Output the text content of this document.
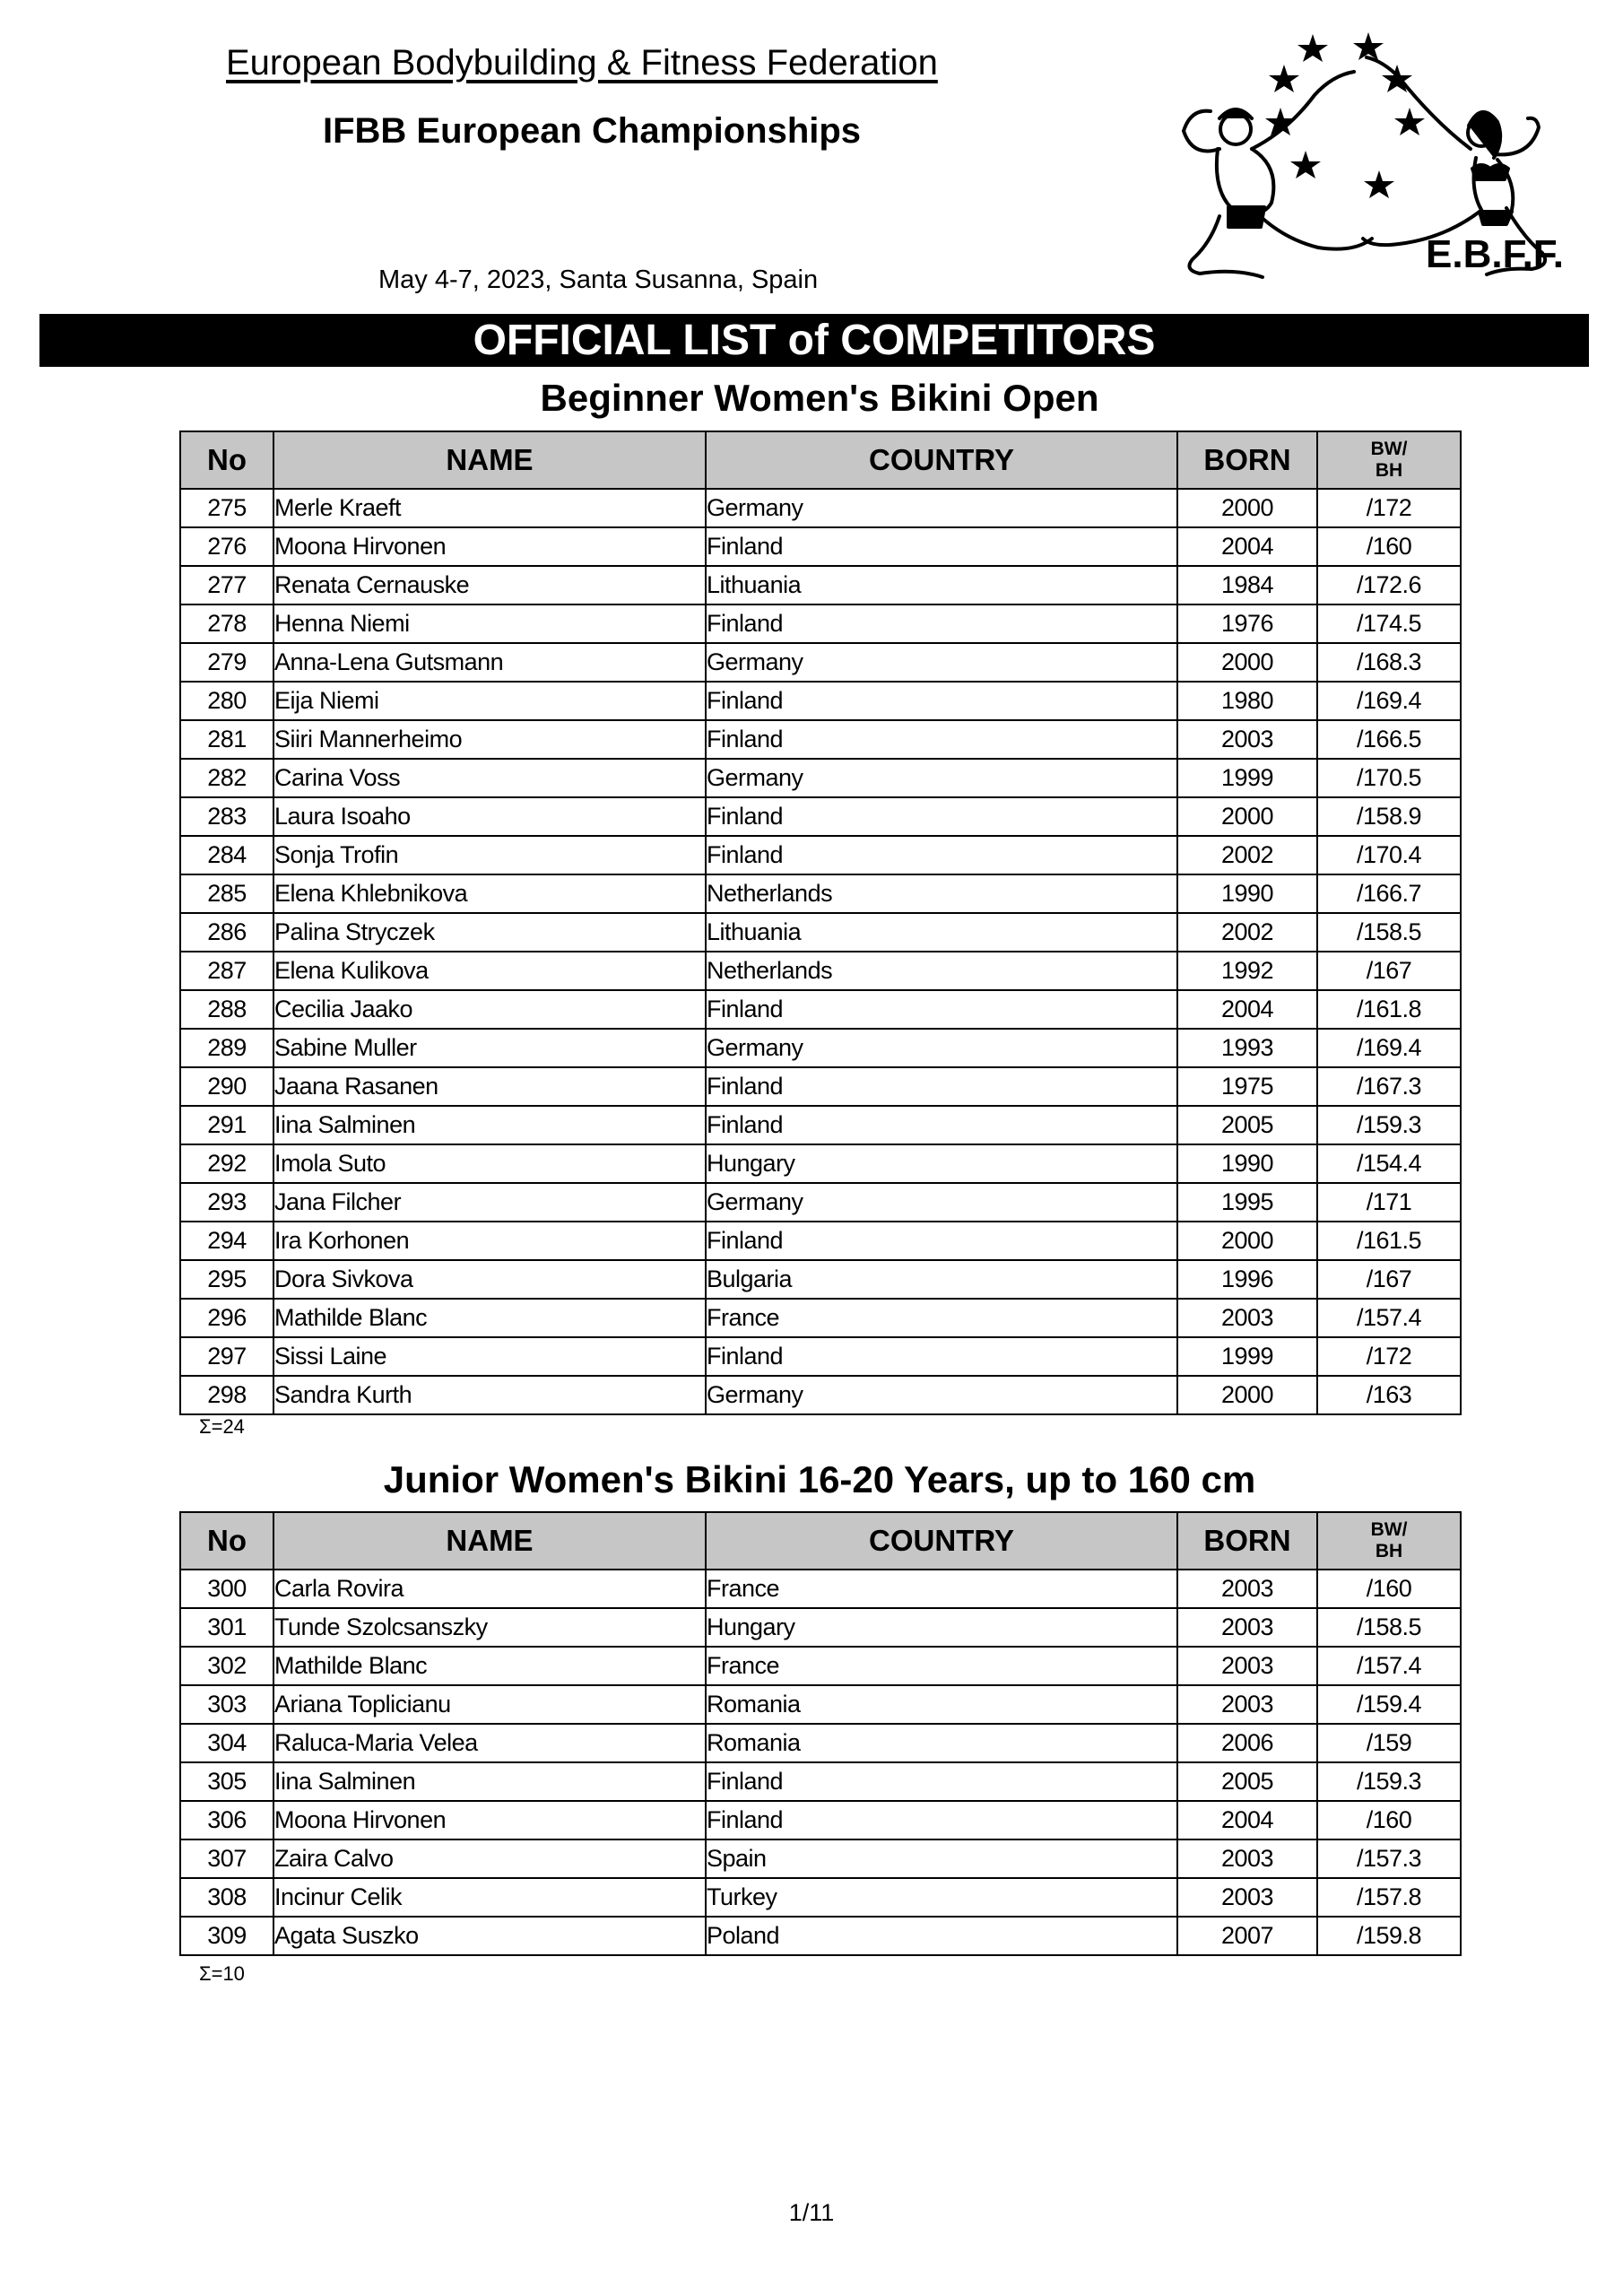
European Bodybuilding & Fitness Federation
IFBB European Championships
May 4-7, 2023, Santa Susanna, Spain
E.B.F.F.
OFFICIAL LIST of COMPETITORS
Beginner Women's Bikini Open
No	NAME	COUNTRY	BORN	BW/
BH

275	Merle Kraeft	Germany	2000	/172
276	Moona Hirvonen	Finland	2004	/160
277	Renata Cernauske	Lithuania	1984	/172.6
278	Henna Niemi	Finland	1976	/174.5
279	Anna-Lena Gutsmann	Germany	2000	/168.3
280	Eija Niemi	Finland	1980	/169.4
281	Siiri Mannerheimo	Finland	2003	/166.5
282	Carina Voss	Germany	1999	/170.5
283	Laura Isoaho	Finland	2000	/158.9
284	Sonja Trofin	Finland	2002	/170.4
285	Elena Khlebnikova	Netherlands	1990	/166.7
286	Palina Stryczek	Lithuania	2002	/158.5
287	Elena Kulikova	Netherlands	1992	/167
288	Cecilia Jaako	Finland	2004	/161.8
289	Sabine Muller	Germany	1993	/169.4
290	Jaana Rasanen	Finland	1975	/167.3
291	Iina Salminen	Finland	2005	/159.3
292	Imola Suto	Hungary	1990	/154.4
293	Jana Filcher	Germany	1995	/171
294	Ira Korhonen	Finland	2000	/161.5
295	Dora Sivkova	Bulgaria	1996	/167
296	Mathilde Blanc	France	2003	/157.4
297	Sissi Laine	Finland	1999	/172
298	Sandra Kurth	Germany	2000	/163
Σ=24
Junior Women's Bikini 16-20 Years, up to 160 cm
No	NAME	COUNTRY	BORN	BW/
BH

300	Carla Rovira	France	2003	/160
301	Tunde Szolcsanszky	Hungary	2003	/158.5
302	Mathilde Blanc	France	2003	/157.4
303	Ariana Toplicianu	Romania	2003	/159.4
304	Raluca-Maria Velea	Romania	2006	/159
305	Iina Salminen	Finland	2005	/159.3
306	Moona Hirvonen	Finland	2004	/160
307	Zaira Calvo	Spain	2003	/157.3
308	Incinur Celik	Turkey	2003	/157.8
309	Agata Suszko	Poland	2007	/159.8
Σ=10
1/11
